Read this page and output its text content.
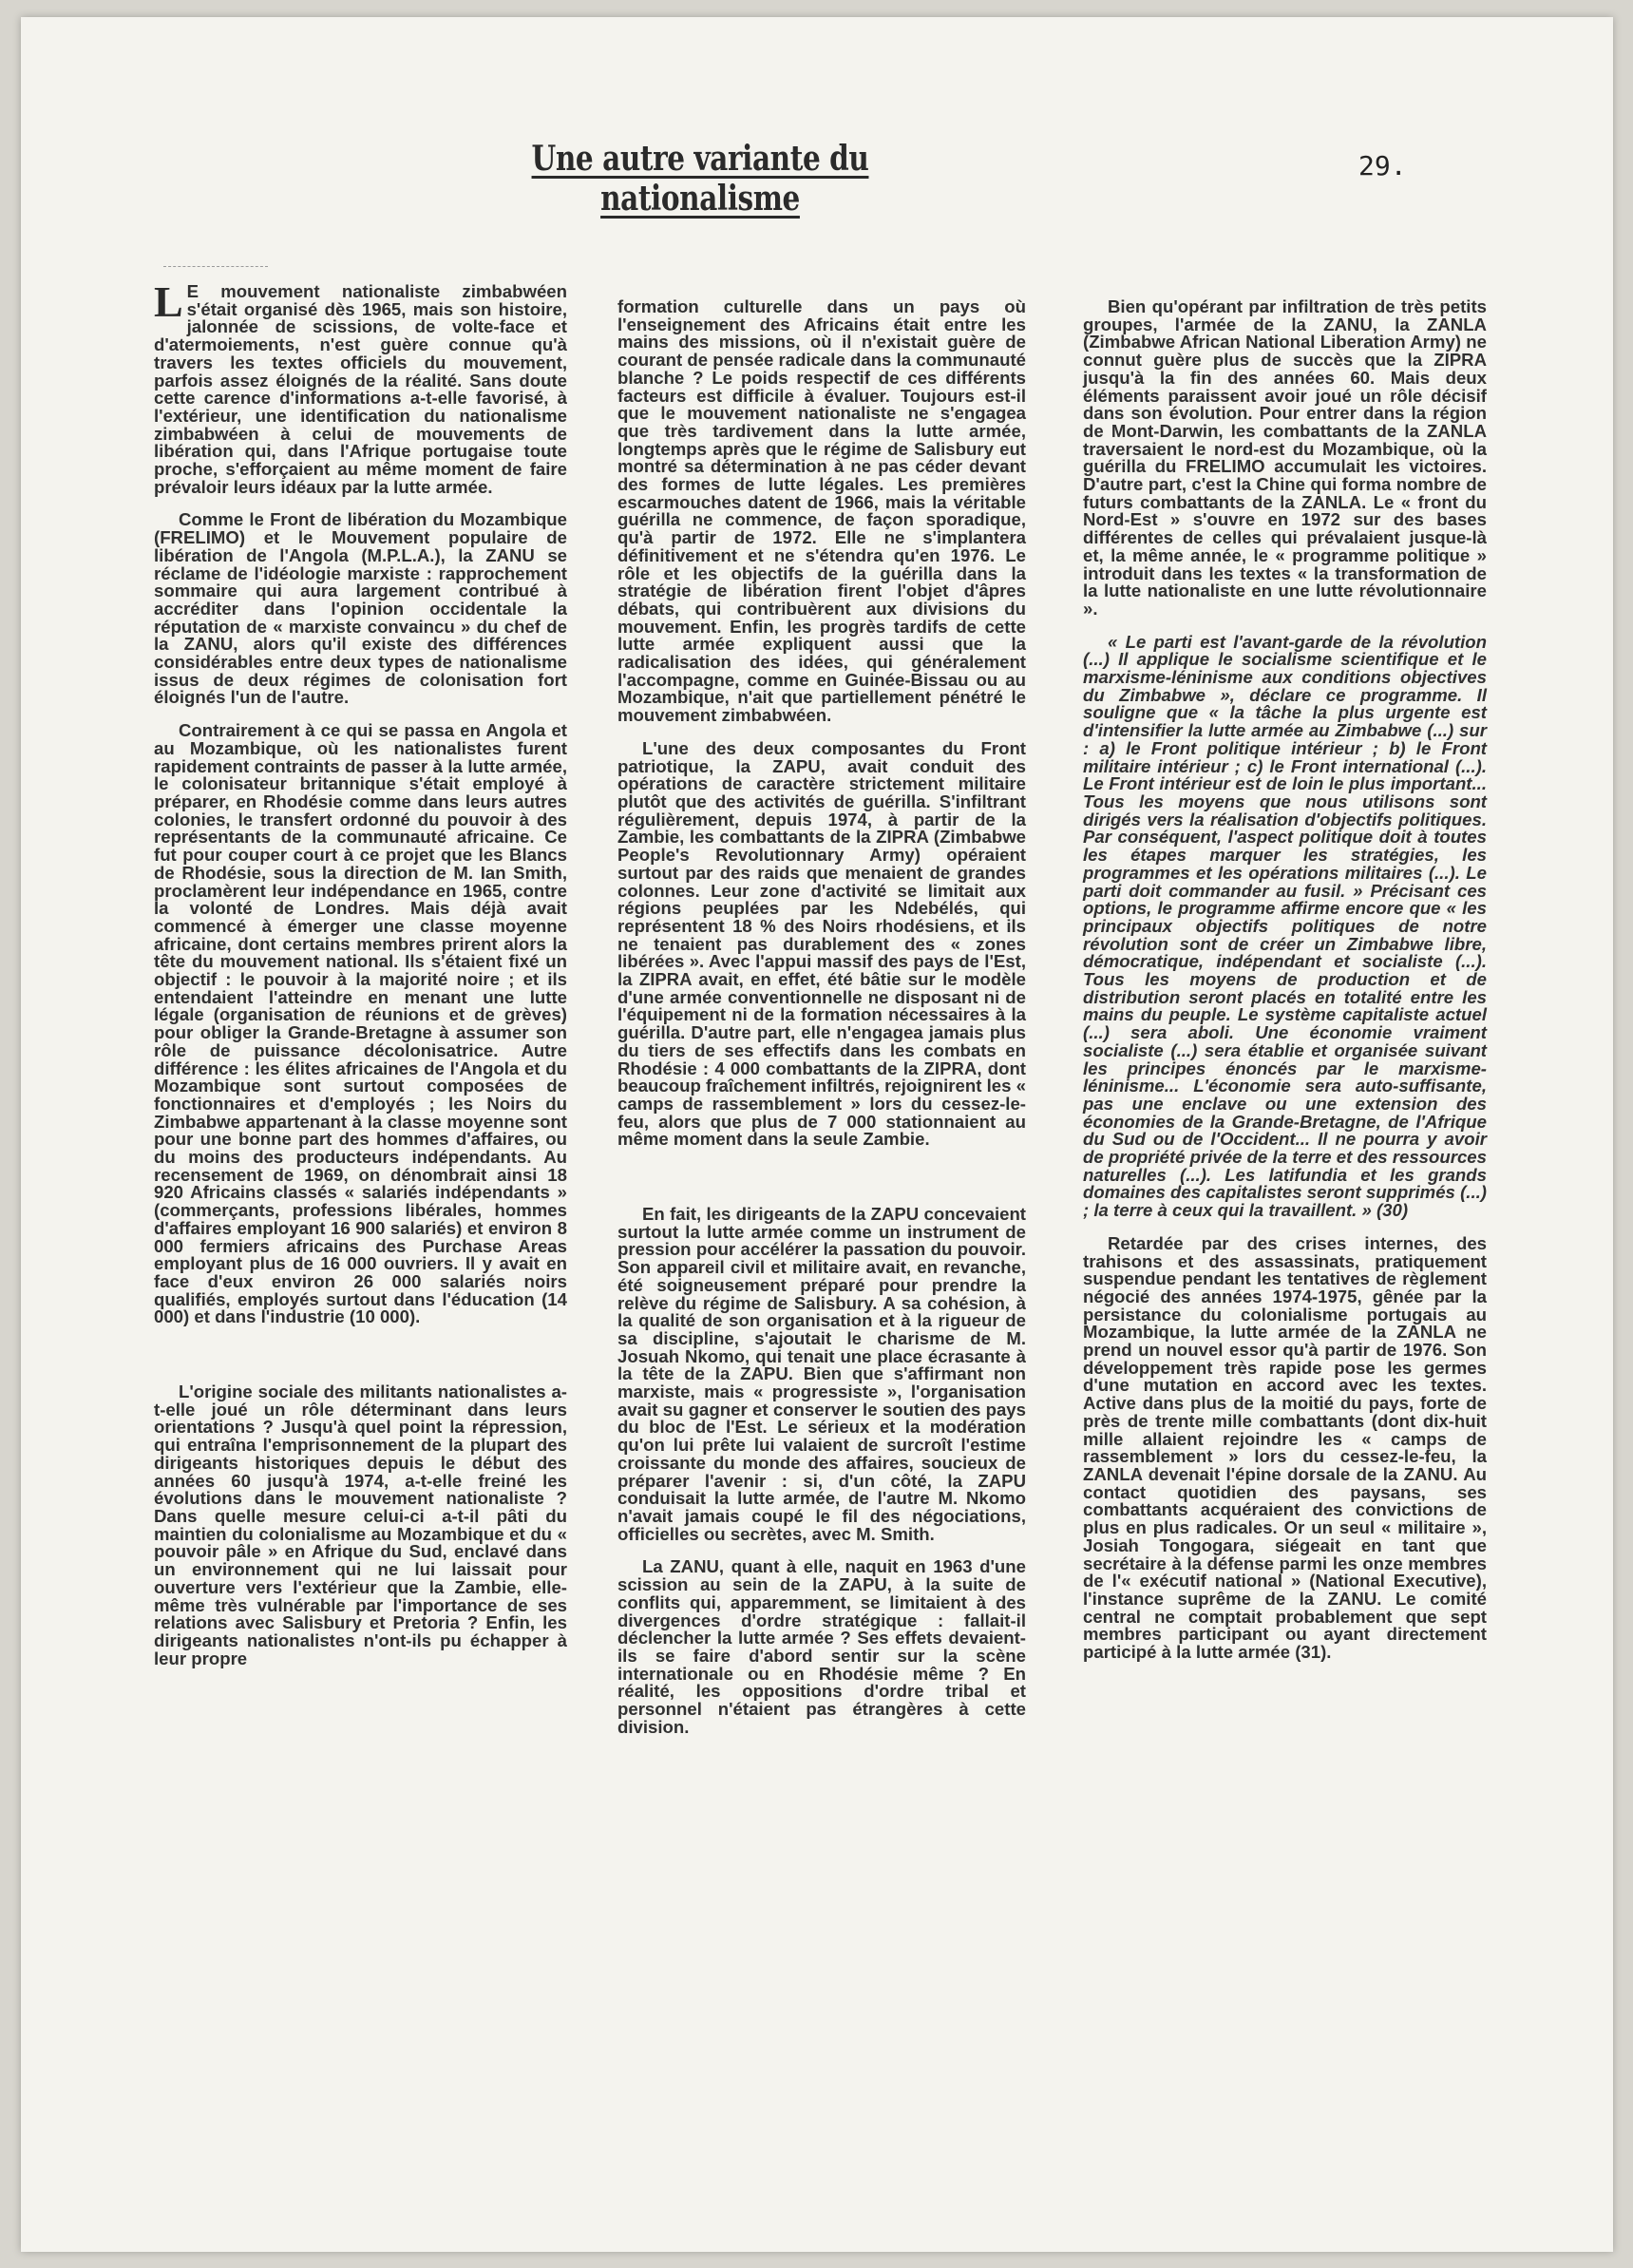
Une autre variante du nationalisme
29.

L E mouvement nationaliste zimbabwéen s'était organisé dès 1965, mais son histoire, jalonnée de scissions, de volte-face et d'atermoiements, n'est guère connue qu'à travers les textes officiels du mouvement, parfois assez éloignés de la réalité. Sans doute cette carence d'informations a-t-elle favorisé, à l'extérieur, une identification du nationalisme zimbabwéen à celui de mouvements de libération qui, dans l'Afrique portugaise toute proche, s'efforçaient au même moment de faire prévaloir leurs idéaux par la lutte armée.

Comme le Front de libération du Mozambique (FRELIMO) et le Mouvement populaire de libération de l'Angola (M.P.L.A.), la ZANU se réclame de l'idéologie marxiste : rapprochement sommaire qui aura largement contribué à accréditer dans l'opinion occidentale la réputation de « marxiste convaincu » du chef de la ZANU, alors qu'il existe des différences considérables entre deux types de nationalisme issus de deux régimes de colonisation fort éloignés l'un de l'autre.

Contrairement à ce qui se passa en Angola et au Mozambique, où les nationalistes furent rapidement contraints de passer à la lutte armée, le colonisateur britannique s'était employé à préparer, en Rhodésie comme dans leurs autres colonies, le transfert ordonné du pouvoir à des représentants de la communauté africaine. Ce fut pour couper court à ce projet que les Blancs de Rhodésie, sous la direction de M. Ian Smith, proclamèrent leur indépendance en 1965, contre la volonté de Londres. Mais déjà avait commencé à émerger une classe moyenne africaine, dont certains membres prirent alors la tête du mouvement national. Ils s'étaient fixé un objectif : le pouvoir à la majorité noire ; et ils entendaient l'atteindre en menant une lutte légale (organisation de réunions et de grèves) pour obliger la Grande-Bretagne à assumer son rôle de puissance décolonisatrice. Autre différence : les élites africaines de l'Angola et du Mozambique sont surtout composées de fonctionnaires et d'employés ; les Noirs du Zimbabwe appartenant à la classe moyenne sont pour une bonne part des hommes d'affaires, ou du moins des producteurs indépendants. Au recensement de 1969, on dénombrait ainsi 18 920 Africains classés « salariés indépendants » (commerçants, professions libérales, hommes d'affaires employant 16 900 salariés) et environ 8 000 fermiers africains des Purchase Areas employant plus de 16 000 ouvriers. Il y avait en face d'eux environ 26 000 salariés noirs qualifiés, employés surtout dans l'éducation (14 000) et dans l'industrie (10 000).

L'origine sociale des militants nationalistes a-t-elle joué un rôle déterminant dans leurs orientations ? Jusqu'à quel point la répression, qui entraîna l'emprisonnement de la plupart des dirigeants historiques depuis le début des années 60 jusqu'à 1974, a-t-elle freiné les évolutions dans le mouvement nationaliste ? Dans quelle mesure celui-ci a-t-il pâti du maintien du colonialisme au Mozambique et du « pouvoir pâle » en Afrique du Sud, enclavé dans un environnement qui ne lui laissait pour ouverture vers l'extérieur que la Zambie, elle-même très vulnérable par l'importance de ses relations avec Salisbury et Pretoria ? Enfin, les dirigeants nationalistes n'ont-ils pu échapper à leur propre

formation culturelle dans un pays où l'enseignement des Africains était entre les mains des missions, où il n'existait guère de courant de pensée radicale dans la communauté blanche ? Le poids respectif de ces différents facteurs est difficile à évaluer. Toujours est-il que le mouvement nationaliste ne s'engagea que très tardivement dans la lutte armée, longtemps après que le régime de Salisbury eut montré sa détermination à ne pas céder devant des formes de lutte légales. Les premières escarmouches datent de 1966, mais la véritable guérilla ne commence, de façon sporadique, qu'à partir de 1972. Elle ne s'implantera définitivement et ne s'étendra qu'en 1976. Le rôle et les objectifs de la guérilla dans la stratégie de libération firent l'objet d'âpres débats, qui contribuèrent aux divisions du mouvement. Enfin, les progrès tardifs de cette lutte armée expliquent aussi que la radicalisation des idées, qui généralement l'accompagne, comme en Guinée-Bissau ou au Mozambique, n'ait que partiellement pénétré le mouvement zimbabwéen.

L'une des deux composantes du Front patriotique, la ZAPU, avait conduit des opérations de caractère strictement militaire plutôt que des activités de guérilla. S'infiltrant régulièrement, depuis 1974, à partir de la Zambie, les combattants de la ZIPRA (Zimbabwe People's Revolutionnary Army) opéraient surtout par des raids que menaient de grandes colonnes. Leur zone d'activité se limitait aux régions peuplées par les Ndebélés, qui représentent 18 % des Noirs rhodésiens, et ils ne tenaient pas durablement des « zones libérées ». Avec l'appui massif des pays de l'Est, la ZIPRA avait, en effet, été bâtie sur le modèle d'une armée conventionnelle ne disposant ni de l'équipement ni de la formation nécessaires à la guérilla. D'autre part, elle n'engagea jamais plus du tiers de ses effectifs dans les combats en Rhodésie : 4 000 combattants de la ZIPRA, dont beaucoup fraîchement infiltrés, rejoignirent les « camps de rassemblement » lors du cessez-le-feu, alors que plus de 7 000 stationnaient au même moment dans la seule Zambie.

En fait, les dirigeants de la ZAPU concevaient surtout la lutte armée comme un instrument de pression pour accélérer la passation du pouvoir. Son appareil civil et militaire avait, en revanche, été soigneusement préparé pour prendre la relève du régime de Salisbury. A sa cohésion, à la qualité de son organisation et à la rigueur de sa discipline, s'ajoutait le charisme de M. Josuah Nkomo, qui tenait une place écrasante à la tête de la ZAPU. Bien que s'affirmant non marxiste, mais « progressiste », l'organisation avait su gagner et conserver le soutien des pays du bloc de l'Est. Le sérieux et la modération qu'on lui prête lui valaient de surcroît l'estime croissante du monde des affaires, soucieux de préparer l'avenir : si, d'un côté, la ZAPU conduisait la lutte armée, de l'autre M. Nkomo n'avait jamais coupé le fil des négociations, officielles ou secrètes, avec M. Smith.

La ZANU, quant à elle, naquit en 1963 d'une scission au sein de la ZAPU, à la suite de conflits qui, apparemment, se limitaient à des divergences d'ordre stratégique : fallait-il déclencher la lutte armée ? Ses effets devaient-ils se faire d'abord sentir sur la scène internationale ou en Rhodésie même ? En réalité, les oppositions d'ordre tribal et personnel n'étaient pas étrangères à cette division.

Bien qu'opérant par infiltration de très petits groupes, l'armée de la ZANU, la ZANLA (Zimbabwe African National Liberation Army) ne connut guère plus de succès que la ZIPRA jusqu'à la fin des années 60. Mais deux éléments paraissent avoir joué un rôle décisif dans son évolution. Pour entrer dans la région de Mont-Darwin, les combattants de la ZANLA traversaient le nord-est du Mozambique, où la guérilla du FRELIMO accumulait les victoires. D'autre part, c'est la Chine qui forma nombre de futurs combattants de la ZANLA. Le « front du Nord-Est » s'ouvre en 1972 sur des bases différentes de celles qui prévalaient jusque-là et, la même année, le « programme politique » introduit dans les textes « la transformation de la lutte nationaliste en une lutte révolutionnaire ».

« Le parti est l'avant-garde de la révolution (...) Il applique le socialisme scientifique et le marxisme-léninisme aux conditions objectives du Zimbabwe », déclare ce programme. Il souligne que « la tâche la plus urgente est d'intensifier la lutte armée au Zimbabwe (...) sur : a) le Front politique intérieur ; b) le Front militaire intérieur ; c) le Front international (...). Le Front intérieur est de loin le plus important... Tous les moyens que nous utilisons sont dirigés vers la réalisation d'objectifs politiques. Par conséquent, l'aspect politique doit à toutes les étapes marquer les stratégies, les programmes et les opérations militaires (...). Le parti doit commander au fusil. » Précisant ces options, le programme affirme encore que « les principaux objectifs politiques de notre révolution sont de créer un Zimbabwe libre, démocratique, indépendant et socialiste (...). Tous les moyens de production et de distribution seront placés en totalité entre les mains du peuple. Le système capitaliste actuel (...) sera aboli. Une économie vraiment socialiste (...) sera établie et organisée suivant les principes énoncés par le marxisme-léninisme... L'économie sera auto-suffisante, pas une enclave ou une extension des économies de la Grande-Bretagne, de l'Afrique du Sud ou de l'Occident... Il ne pourra y avoir de propriété privée de la terre et des ressources naturelles (...). Les latifundia et les grands domaines des capitalistes seront supprimés (...) ; la terre à ceux qui la travaillent. » (30)

Retardée par des crises internes, des trahisons et des assassinats, pratiquement suspendue pendant les tentatives de règlement négocié des années 1974-1975, gênée par la persistance du colonialisme portugais au Mozambique, la lutte armée de la ZANLA ne prend un nouvel essor qu'à partir de 1976. Son développement très rapide pose les germes d'une mutation en accord avec les textes. Active dans plus de la moitié du pays, forte de près de trente mille combattants (dont dix-huit mille allaient rejoindre les « camps de rassemblement » lors du cessez-le-feu, la ZANLA devenait l'épine dorsale de la ZANU. Au contact quotidien des paysans, ses combattants acquéraient des convictions de plus en plus radicales. Or un seul « militaire », Josiah Tongogara, siégeait en tant que secrétaire à la défense parmi les onze membres de l'« exécutif national » (National Executive), l'instance suprême de la ZANU. Le comité central ne comptait probablement que sept membres participant ou ayant directement participé à la lutte armée (31).
